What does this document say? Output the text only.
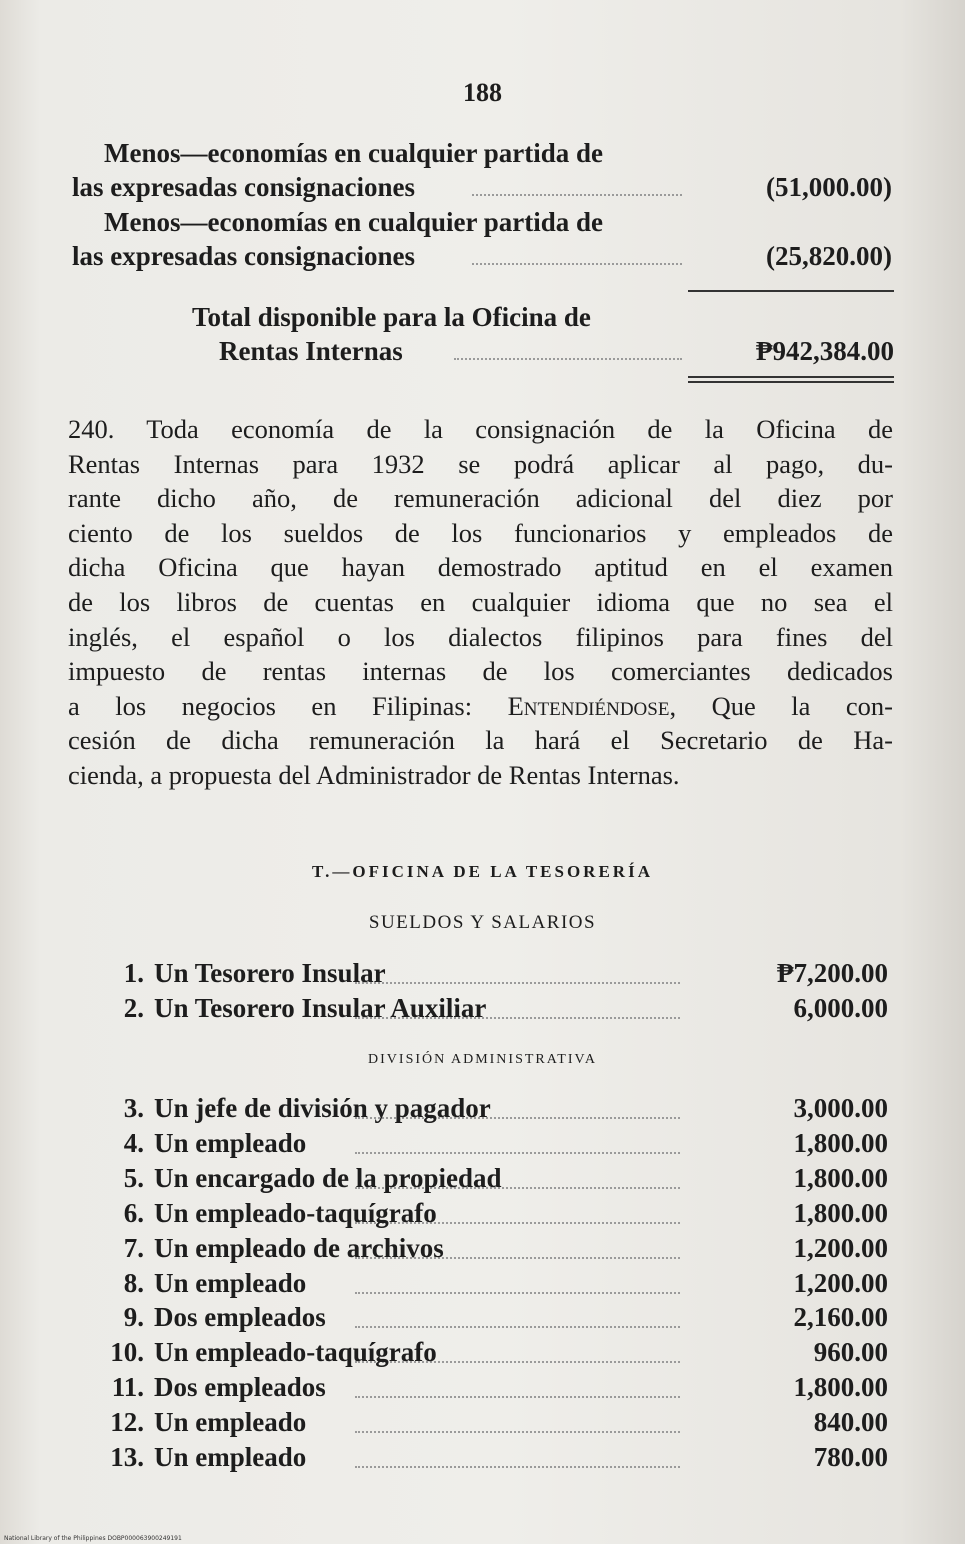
188
Menos—economías en cualquier partida de
las expresadas consignaciones	(51,000.00)
Menos—economías en cualquier partida de
las expresadas consignaciones	(25,820.00)
Total disponible para la Oficina de
Rentas Internas	₱942,384.00
240. Toda economía de la consignación de la Oficina de
Rentas Internas para 1932 se podrá aplicar al pago, du-
rante dicho año, de remuneración adicional del diez por
ciento de los sueldos de los funcionarios y empleados de
dicha Oficina que hayan demostrado aptitud en el examen
de los libros de cuentas en cualquier idioma que no sea el
inglés, el español o los dialectos filipinos para fines del
impuesto de rentas internas de los comerciantes dedicados
a los negocios en Filipinas: Entendiéndose, Que la con-
cesión de dicha remuneración la hará el Secretario de Ha-
cienda, a propuesta del Administrador de Rentas Internas.
T.—OFICINA DE LA TESORERÍA
SUELDOS Y SALARIOS
1. Un Tesorero Insular	₱7,200.00
2. Un Tesorero Insular Auxiliar	6,000.00
DIVISIÓN ADMINISTRATIVA
3. Un jefe de división y pagador	3,000.00
4. Un empleado	1,800.00
5. Un encargado de la propiedad	1,800.00
6. Un empleado-taquígrafo	1,800.00
7. Un empleado de archivos	1,200.00
8. Un empleado	1,200.00
9. Dos empleados	2,160.00
10. Un empleado-taquígrafo	960.00
11. Dos empleados	1,800.00
12. Un empleado	840.00
13. Un empleado	780.00
National Library of the Philippines DOBP000063900249191
